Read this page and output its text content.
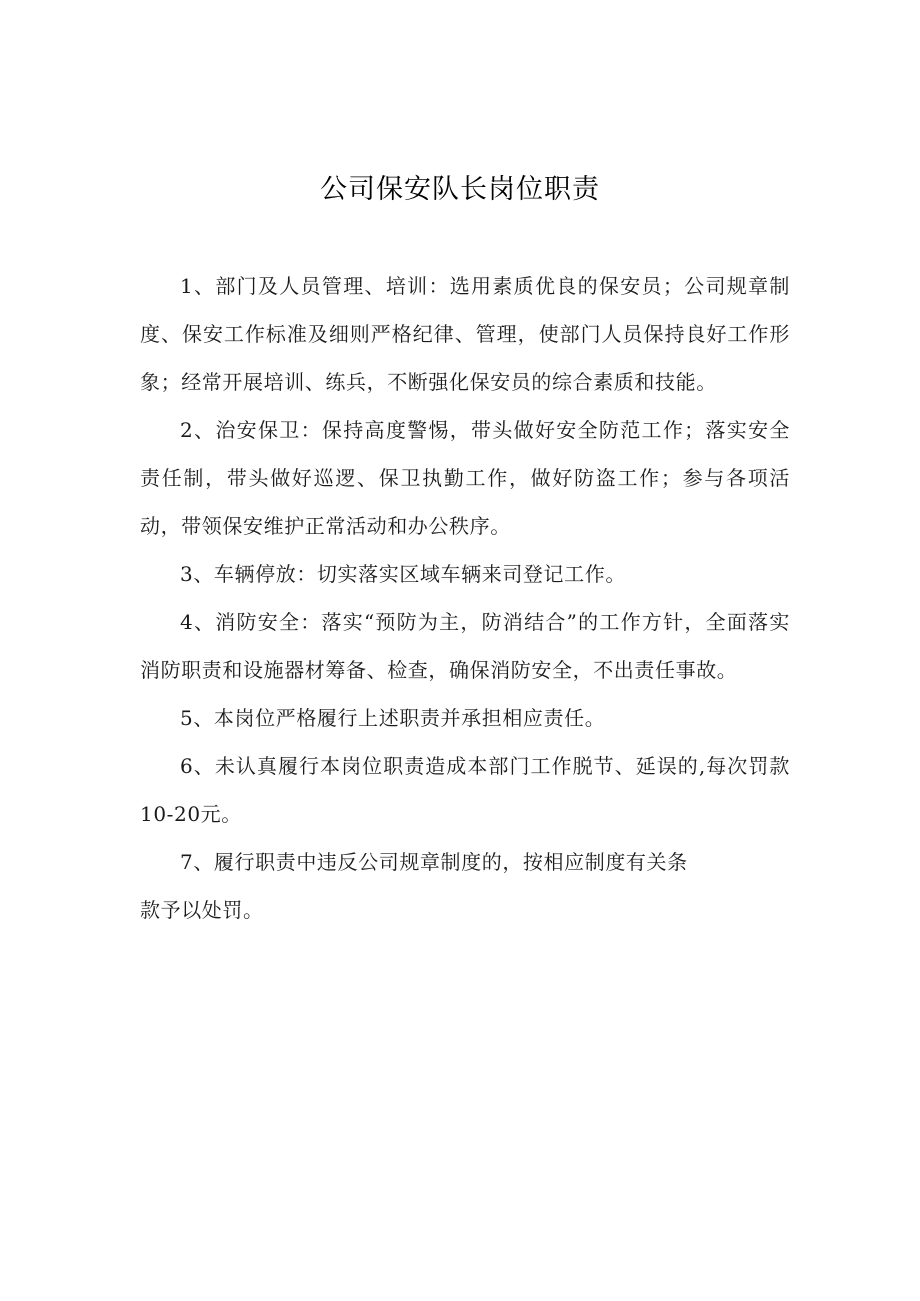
公司保安队长岗位职责

1、部门及人员管理、培训：选用素质优良的保安员；公司规章制度、保安工作标准及细则严格纪律、管理，使部门人员保持良好工作形象；经常开展培训、练兵，不断强化保安员的综合素质和技能。

2、治安保卫：保持高度警惕，带头做好安全防范工作；落实安全责任制，带头做好巡逻、保卫执勤工作，做好防盗工作；参与各项活动，带领保安维护正常活动和办公秩序。

3、车辆停放：切实落实区域车辆来司登记工作。

4、消防安全：落实“预防为主，防消结合”的工作方针，全面落实消防职责和设施器材筹备、检查，确保消防安全，不出责任事故。

5、本岗位严格履行上述职责并承担相应责任。

6、未认真履行本岗位职责造成本部门工作脱节、延误的,每次罚款10-20元。

7、履行职责中违反公司规章制度的，按相应制度有关条
款予以处罚。
